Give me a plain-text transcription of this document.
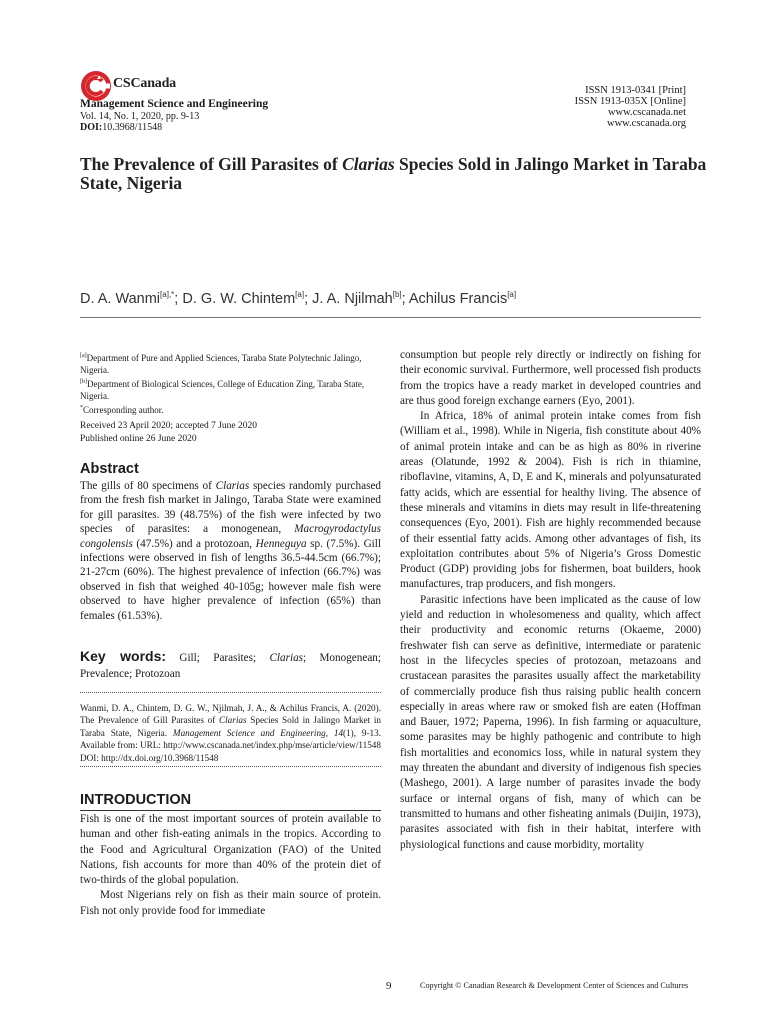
CSCanada
Management Science and Engineering
Vol. 14, No. 1, 2020, pp. 9-13
DOI:10.3968/11548
ISSN 1913-0341 [Print]
ISSN 1913-035X [Online]
www.cscanada.net
www.cscanada.org
The Prevalence of Gill Parasites of Clarias Species Sold in Jalingo Market in Taraba State, Nigeria
D. A. Wanmi$^{[a],*}$; D. G. W. Chintem[a]; J. A. Njilmah[b]; Achilus Francis[a]
[a]Department of Pure and Applied Sciences, Taraba State Polytechnic Jalingo, Nigeria.
[b]Department of Biological Sciences, College of Education Zing, Taraba State, Nigeria.
*Corresponding author.
Received 23 April 2020; accepted 7 June 2020
Published online 26 June 2020
Abstract
The gills of 80 specimens of Clarias species randomly purchased from the fresh fish market in Jalingo, Taraba State were examined for gill parasites. 39 (48.75%) of the fish were infected by two species of parasites: a monogenean, Macrogyrodactylus congolensis (47.5%) and a protozoan, Henneguya sp. (7.5%). Gill infections were observed in fish of lengths 36.5-44.5cm (66.7%); 21-27cm (60%). The highest prevalence of infection (66.7%) was observed in fish that weighed 40-105g; however male fish were observed to have higher prevalence of infection (65%) than females (61.53%).
Key words: Gill; Parasites; Clarias; Monogenean; Prevalence; Protozoan
Wanmi, D. A., Chintem, D. G. W., Njilmah, J. A., & Achilus Francis, A. (2020). The Prevalence of Gill Parasites of Clarias Species Sold in Jalingo Market in Taraba State, Nigeria. Management Science and Engineering, 14(1), 9-13. Available from: URL: http://www.cscanada.net/index.php/mse/article/view/11548 DOI: http://dx.doi.org/10.3968/11548
INTRODUCTION

Fish is one of the most important sources of protein available to human and other fish-eating animals in the tropics. According to the Food and Agricultural Organization (FAO) of the United Nations, fish accounts for more than 40% of the protein diet of two-thirds of the global population.

Most Nigerians rely on fish as their main source of protein. Fish not only provide food for immediate

consumption but people rely directly or indirectly on fishing for their economic survival. Furthermore, well processed fish products from the tropics have a ready market in developed countries and are thus good foreign exchange earners (Eyo, 2001).

In Africa, 18% of animal protein intake comes from fish (William et al., 1998). While in Nigeria, fish constitute about 40% of animal protein intake and can be as high as 80% in riverine areas (Olatunde, 1992 & 2004). Fish is rich in thiamine, riboflavine, vitamins, A, D, E and K, minerals and polyunsaturated fatty acids, which are essential for healthy living. The absence of these minerals and vitamins in diets may result in life-threatening consequences (Eyo, 2001). Fish are highly recommended because of their essential fatty acids. Among other advantages of fish, its exploitation contributes about 5% of Nigeria’s Gross Domestic Product (GDP) providing jobs for fishermen, boat builders, hook manufactures, trap producers, and fish mongers.

Parasitic infections have been implicated as the cause of low yield and reduction in wholesomeness and quality, which affect their productivity and economic returns (Okaeme, 2000) freshwater fish can serve as definitive, intermediate or paratenic host in the lifecycles species of protozoan, metazoans and crustacean parasites the parasites usually affect the marketability of commercially produce fish thus raising public health concern especially in areas where raw or smoked fish are eaten (Hoffman and Bauer, 1972; Paperna, 1996). In fish farming or aquaculture, some parasites may be highly pathogenic and contribute to high fish mortalities and economics loss, while in natural system they may threaten the abundant and diversity of indigenous fish species (Mashego, 2001). A large number of parasites invade the body surface or internal organs of fish, many of which can be transmitted to humans and other fisheating animals (Duijin, 1973), parasites associated with fish in their habitat, interfere with physiological functions and cause morbidity, mortality

9	Copyright © Canadian Research & Development Center of Sciences and Cultures
